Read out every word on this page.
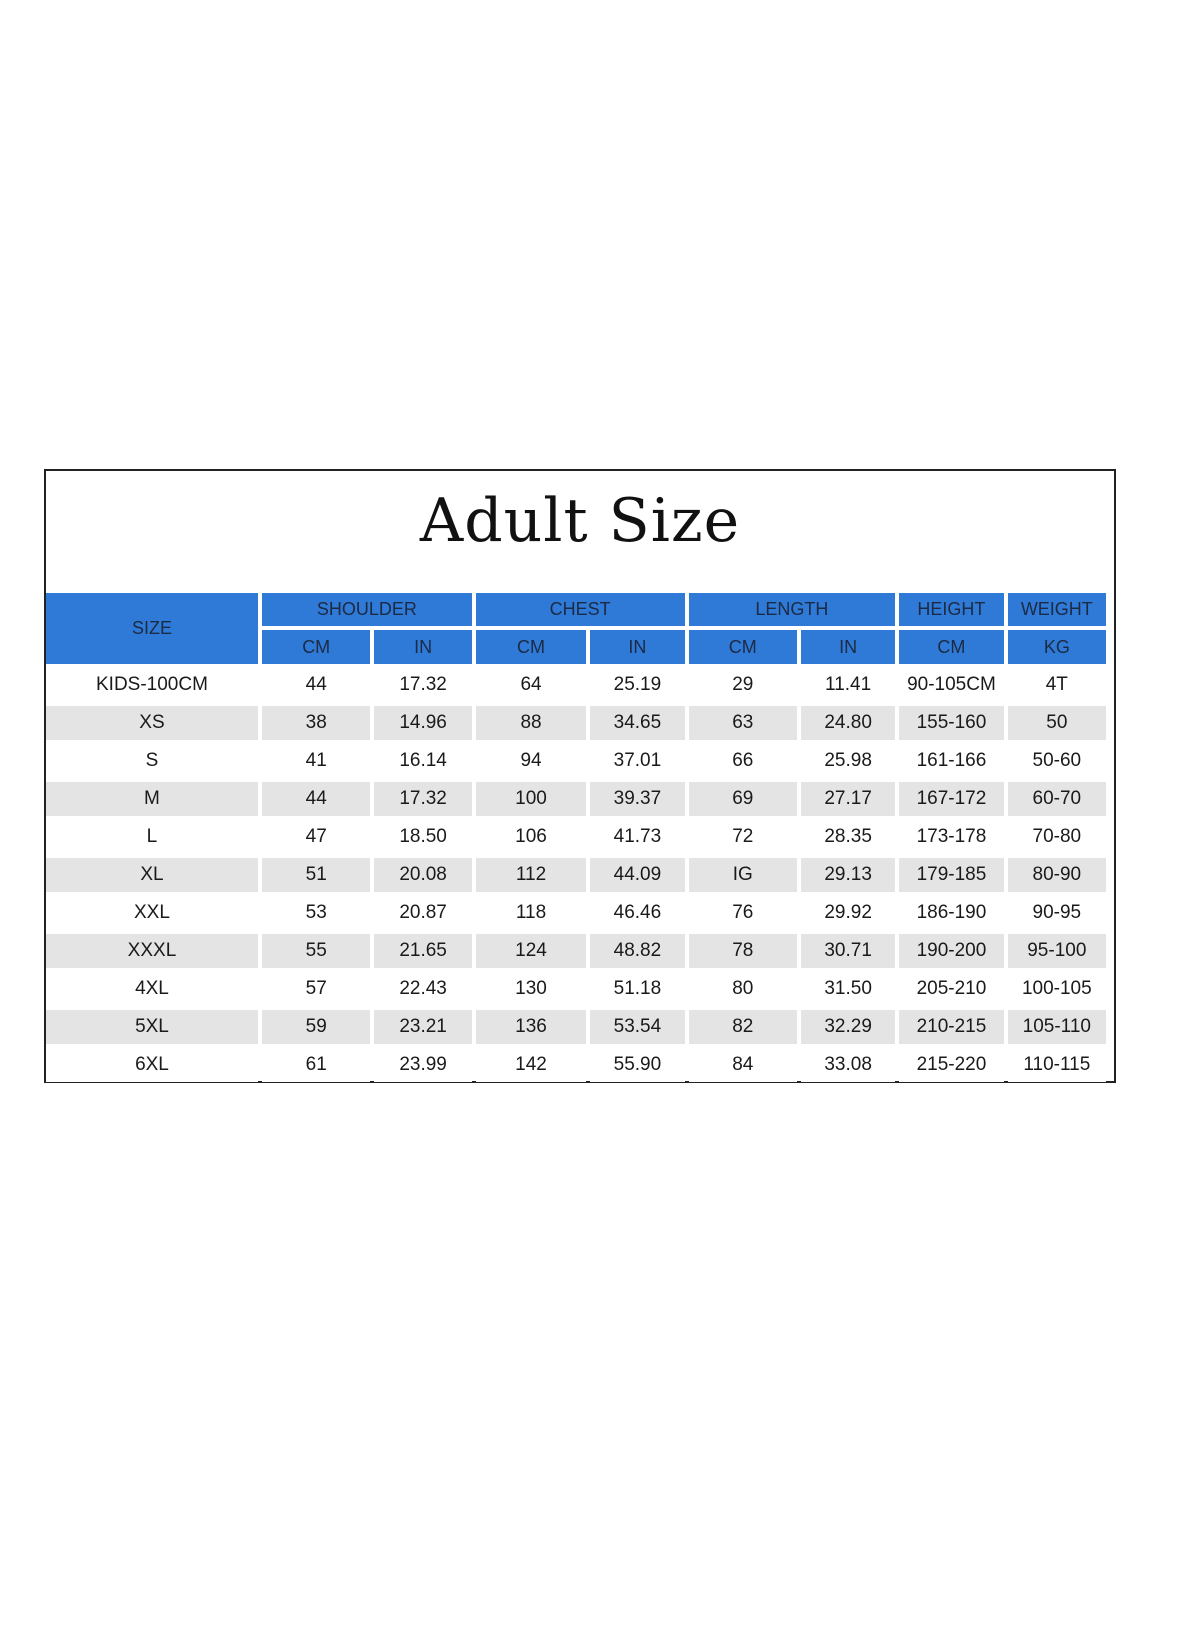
Adult Size
SIZE	SHOULDER		CHEST		LENGTH		HEIGHT	WEIGHT
	CM	IN	CM	IN	CM	IN	CM	KG
KIDS-100CM	44	17.32	64	25.19	29	11.41	90-105CM	4T
XS	38	14.96	88	34.65	63	24.80	155-160	50
S	41	16.14	94	37.01	66	25.98	161-166	50-60
M	44	17.32	100	39.37	69	27.17	167-172	60-70
L	47	18.50	106	41.73	72	28.35	173-178	70-80
XL	51	20.08	112	44.09	IG	29.13	179-185	80-90
XXL	53	20.87	118	46.46	76	29.92	186-190	90-95
XXXL	55	21.65	124	48.82	78	30.71	190-200	95-100
4XL	57	22.43	130	51.18	80	31.50	205-210	100-105
5XL	59	23.21	136	53.54	82	32.29	210-215	105-110
6XL	61	23.99	142	55.90	84	33.08	215-220	110-115
